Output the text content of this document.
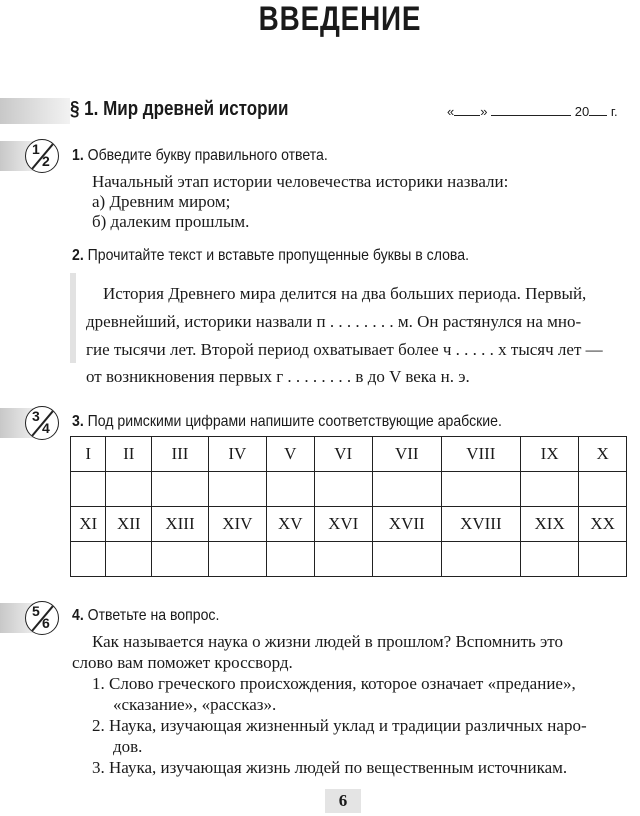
ВВЕДЕНИЕ
§ 1. Мир древней истории	« »	20 г.
1
2 1. Обведите букву правильного ответа.
Начальный этап истории человечества историки назвали:
а) Древним миром;
б) далеким прошлым.
2. Прочитайте текст и вставьте пропущенные буквы в слова.
История Древнего мира делится на два больших периода. Первый,
древнейший, историки назвали п . . . . . . . . м. Он растянулся на мно-
гие тысячи лет. Второй период охватывает более ч . . . . . х тысяч лет —
от возникновения первых г . . . . . . . . в до V века н. э.
3
4 3. Под римскими цифрами напишите соответствующие арабские.
I	II	III	IV	V	VI	VII	VIII	IX	X

XI	XII	XIII	XIV	XV	XVI	XVII	XVIII	XIX	XX

5
6 4. Ответьте на вопрос.
Как называется наука о жизни людей в прошлом? Вспомнить это
слово вам поможет кроссворд.
1. Слово греческого происхождения, которое означает «предание»,
«сказание», «рассказ».
2. Наука, изучающая жизненный уклад и традиции различных наро-
дов.
3. Наука, изучающая жизнь людей по вещественным источникам.
6
